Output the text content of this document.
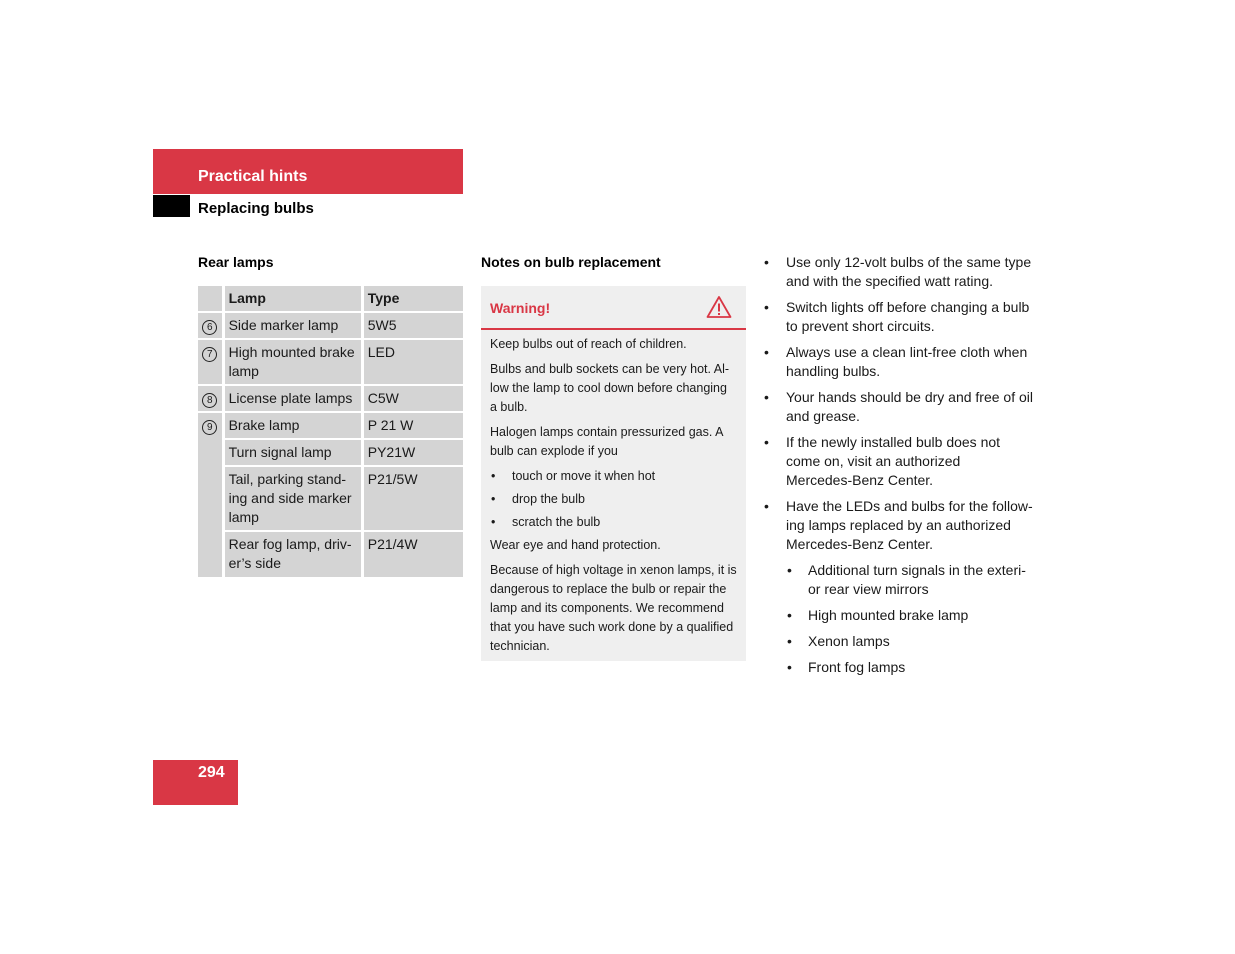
Practical hints
Replacing bulbs
Rear lamps
	Lamp	Type
6	Side marker lamp	5W5
7	High mounted brake lamp	LED
8	License plate lamps	C5W
9	Brake lamp	P 21 W
	Turn signal lamp	PY21W
	Tail, parking stand-
ing and side marker
lamp	P21/5W
	Rear fog lamp, driv-
er’s side	P21/4W
Notes on bulb replacement
Warning!

Keep bulbs out of reach of children.

Bulbs and bulb sockets can be very hot. Al-
low the lamp to cool down before changing
a bulb.

Halogen lamps contain pressurized gas. A
bulb can explode if you

• touch or move it when hot
• drop the bulb
• scratch the bulb

Wear eye and hand protection.

Because of high voltage in xenon lamps, it is
dangerous to replace the bulb or repair the
lamp and its components. We recommend
that you have such work done by a qualified
technician.

• Use only 12-volt bulbs of the same type
and with the specified watt rating.
• Switch lights off before changing a bulb
to prevent short circuits.
• Always use a clean lint-free cloth when
handling bulbs.
• Your hands should be dry and free of oil
and grease.
• If the newly installed bulb does not
come on, visit an authorized
Mercedes-Benz Center.
• Have the LEDs and bulbs for the follow-
ing lamps replaced by an authorized
Mercedes-Benz Center.
• Additional turn signals in the exteri-
or rear view mirrors
• High mounted brake lamp
• Xenon lamps
• Front fog lamps
294
